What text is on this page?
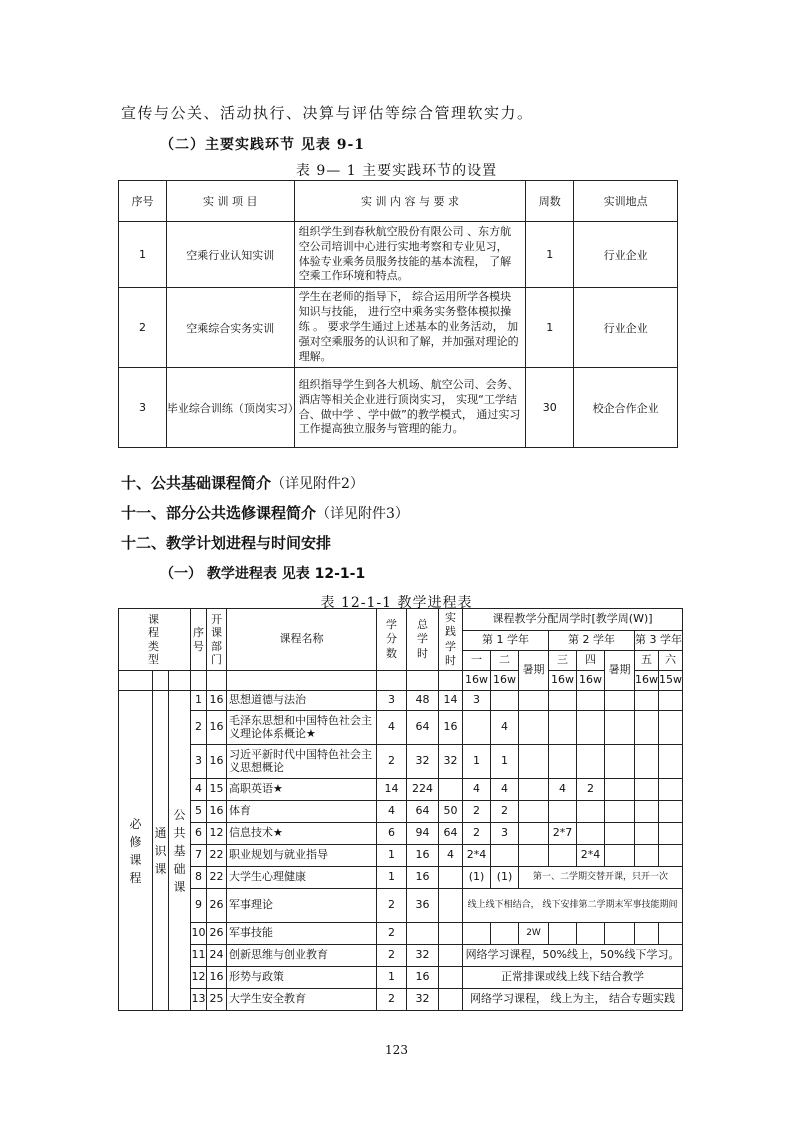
宣传与公关、活动执行、决算与评估等综合管理软实力。
（二）主要实践环节 见表 9-1
表 9— 1 主要实践环节的设置
序号	实 训 项 目	实 训 内 容 与 要 求	周数	实训地点
1	空乘行业认知实训	组织学生到春秋航空股份有限公司 、东方航空公司培训中心进行实地考察和专业见习， 体验专业乘务员服务技能的基本流程， 了解空乘工作环境和特点。	1	行业企业
2	空乘综合实务实训	学生在老师的指导下， 综合运用所学各模块知识与技能， 进行空中乘务实务整体模拟操练 。 要求学生通过上述基本的业务活动， 加强对空乘服务的认识和了解，并加强对理论的理解。	1	行业企业
3	毕业综合训练（顶岗实习）	组织指导学生到各大机场、航空公司、会务、 酒店等相关企业进行顶岗实习， 实现“工学结合、做中学 、学中做”的教学模式， 通过实习工作提高独立服务与管理的能力。	30	校企合作企业
十、公共基础课程简介（详见附件2）
十一、部分公共选修课程简介（详见附件3）
十二、教学计划进程与时间安排
（一） 教学进程表 见表 12-1-1
表 12-1-1 教学进程表
课程类型			序号	开课部门	课程名称	学分数	总学时	实践学时	课程教学分配周学时[教学周(W)]							
									第 1 学年			第 2 学年			第 3 学年	
									一	二	暑期	三	四	暑期	五	六
									16w	16w		16w	16w		16w	15w

必修课程	通识课	公共基础课	1	16	思想道德与法治	3	48	14	3							
			2	16	毛泽东思想和中国特色社会主义理论体系概论★	4	64	16		4						
			3	16	习近平新时代中国特色社会主义思想概论	2	32	32	1	1						
			4	15	高职英语★	14	224		4	4		4	2			
			5	16	体育	4	64	50	2	2						
			6	12	信息技术★	6	94	64	2	3		2*7				
			7	22	职业规划与就业指导	1	16	4	2*4				2*4			
			8	22	大学生心理健康	1	16		(1)	(1)	第一、二学期交替开课，只开一次					
			9	26	军事理论	2	36		线上线下相结合， 线下安排第二学期末军事技能期间							
			10	26	军事技能	2					2W					
			11	24	创新思维与创业教育	2	32		网络学习课程，50%线上，50%线下学习。							
			12	16	形势与政策	1	16		正常排课或线上线下结合教学							
			13	25	大学生安全教育	2	32		网络学习课程， 线上为主， 结合专题实践							
123
